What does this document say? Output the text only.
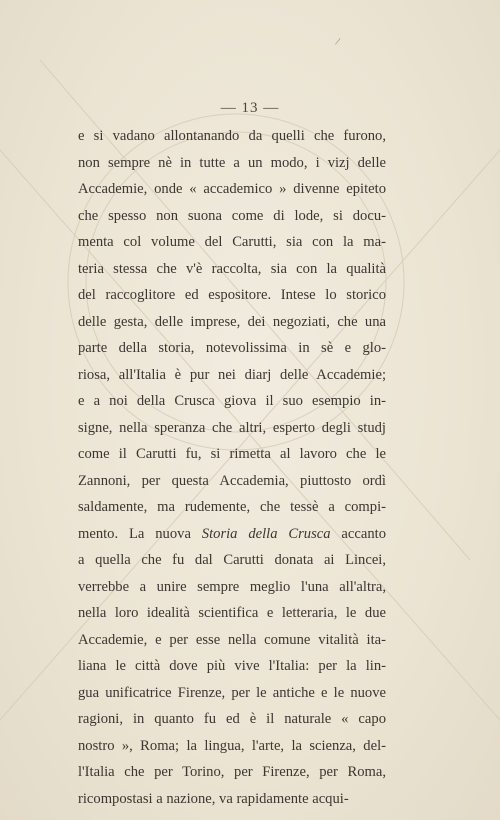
/
— 13 —
e si vadano allontanando da quelli che furono,
non sempre nè in tutte a un modo, i vizj delle
Accademie, onde « accademico » divenne epiteto
che spesso non suona come di lode, si docu-
menta col volume del Carutti, sia con la ma-
teria stessa che v'è raccolta, sia con la qualità
del raccoglitore ed espositore. Intese lo storico
delle gesta, delle imprese, dei negoziati, che una
parte della storia, notevolissima in sè e glo-
riosa, all'Italia è pur nei diarj delle Accademie;
e a noi della Crusca giova il suo esempio in-
signe, nella speranza che altri, esperto degli studj
come il Carutti fu, si rimetta al lavoro che le
Zannoni, per questa Accademia, piuttosto ordì
saldamente, ma rudemente, che tessè a compi-
mento. La nuova Storia della Crusca accanto
a quella che fu dal Carutti donata ai Lincei,
verrebbe a unire sempre meglio l'una all'altra,
nella loro idealità scientifica e letteraria, le due
Accademie, e per esse nella comune vitalità ita-
liana le città dove più vive l'Italia: per la lin-
gua unificatrice Firenze, per le antiche e le nuove
ragioni, in quanto fu ed è il naturale « capo
nostro », Roma; la lingua, l'arte, la scienza, del-
l'Italia che per Torino, per Firenze, per Roma,
ricompostasi a nazione, va rapidamente acqui-
